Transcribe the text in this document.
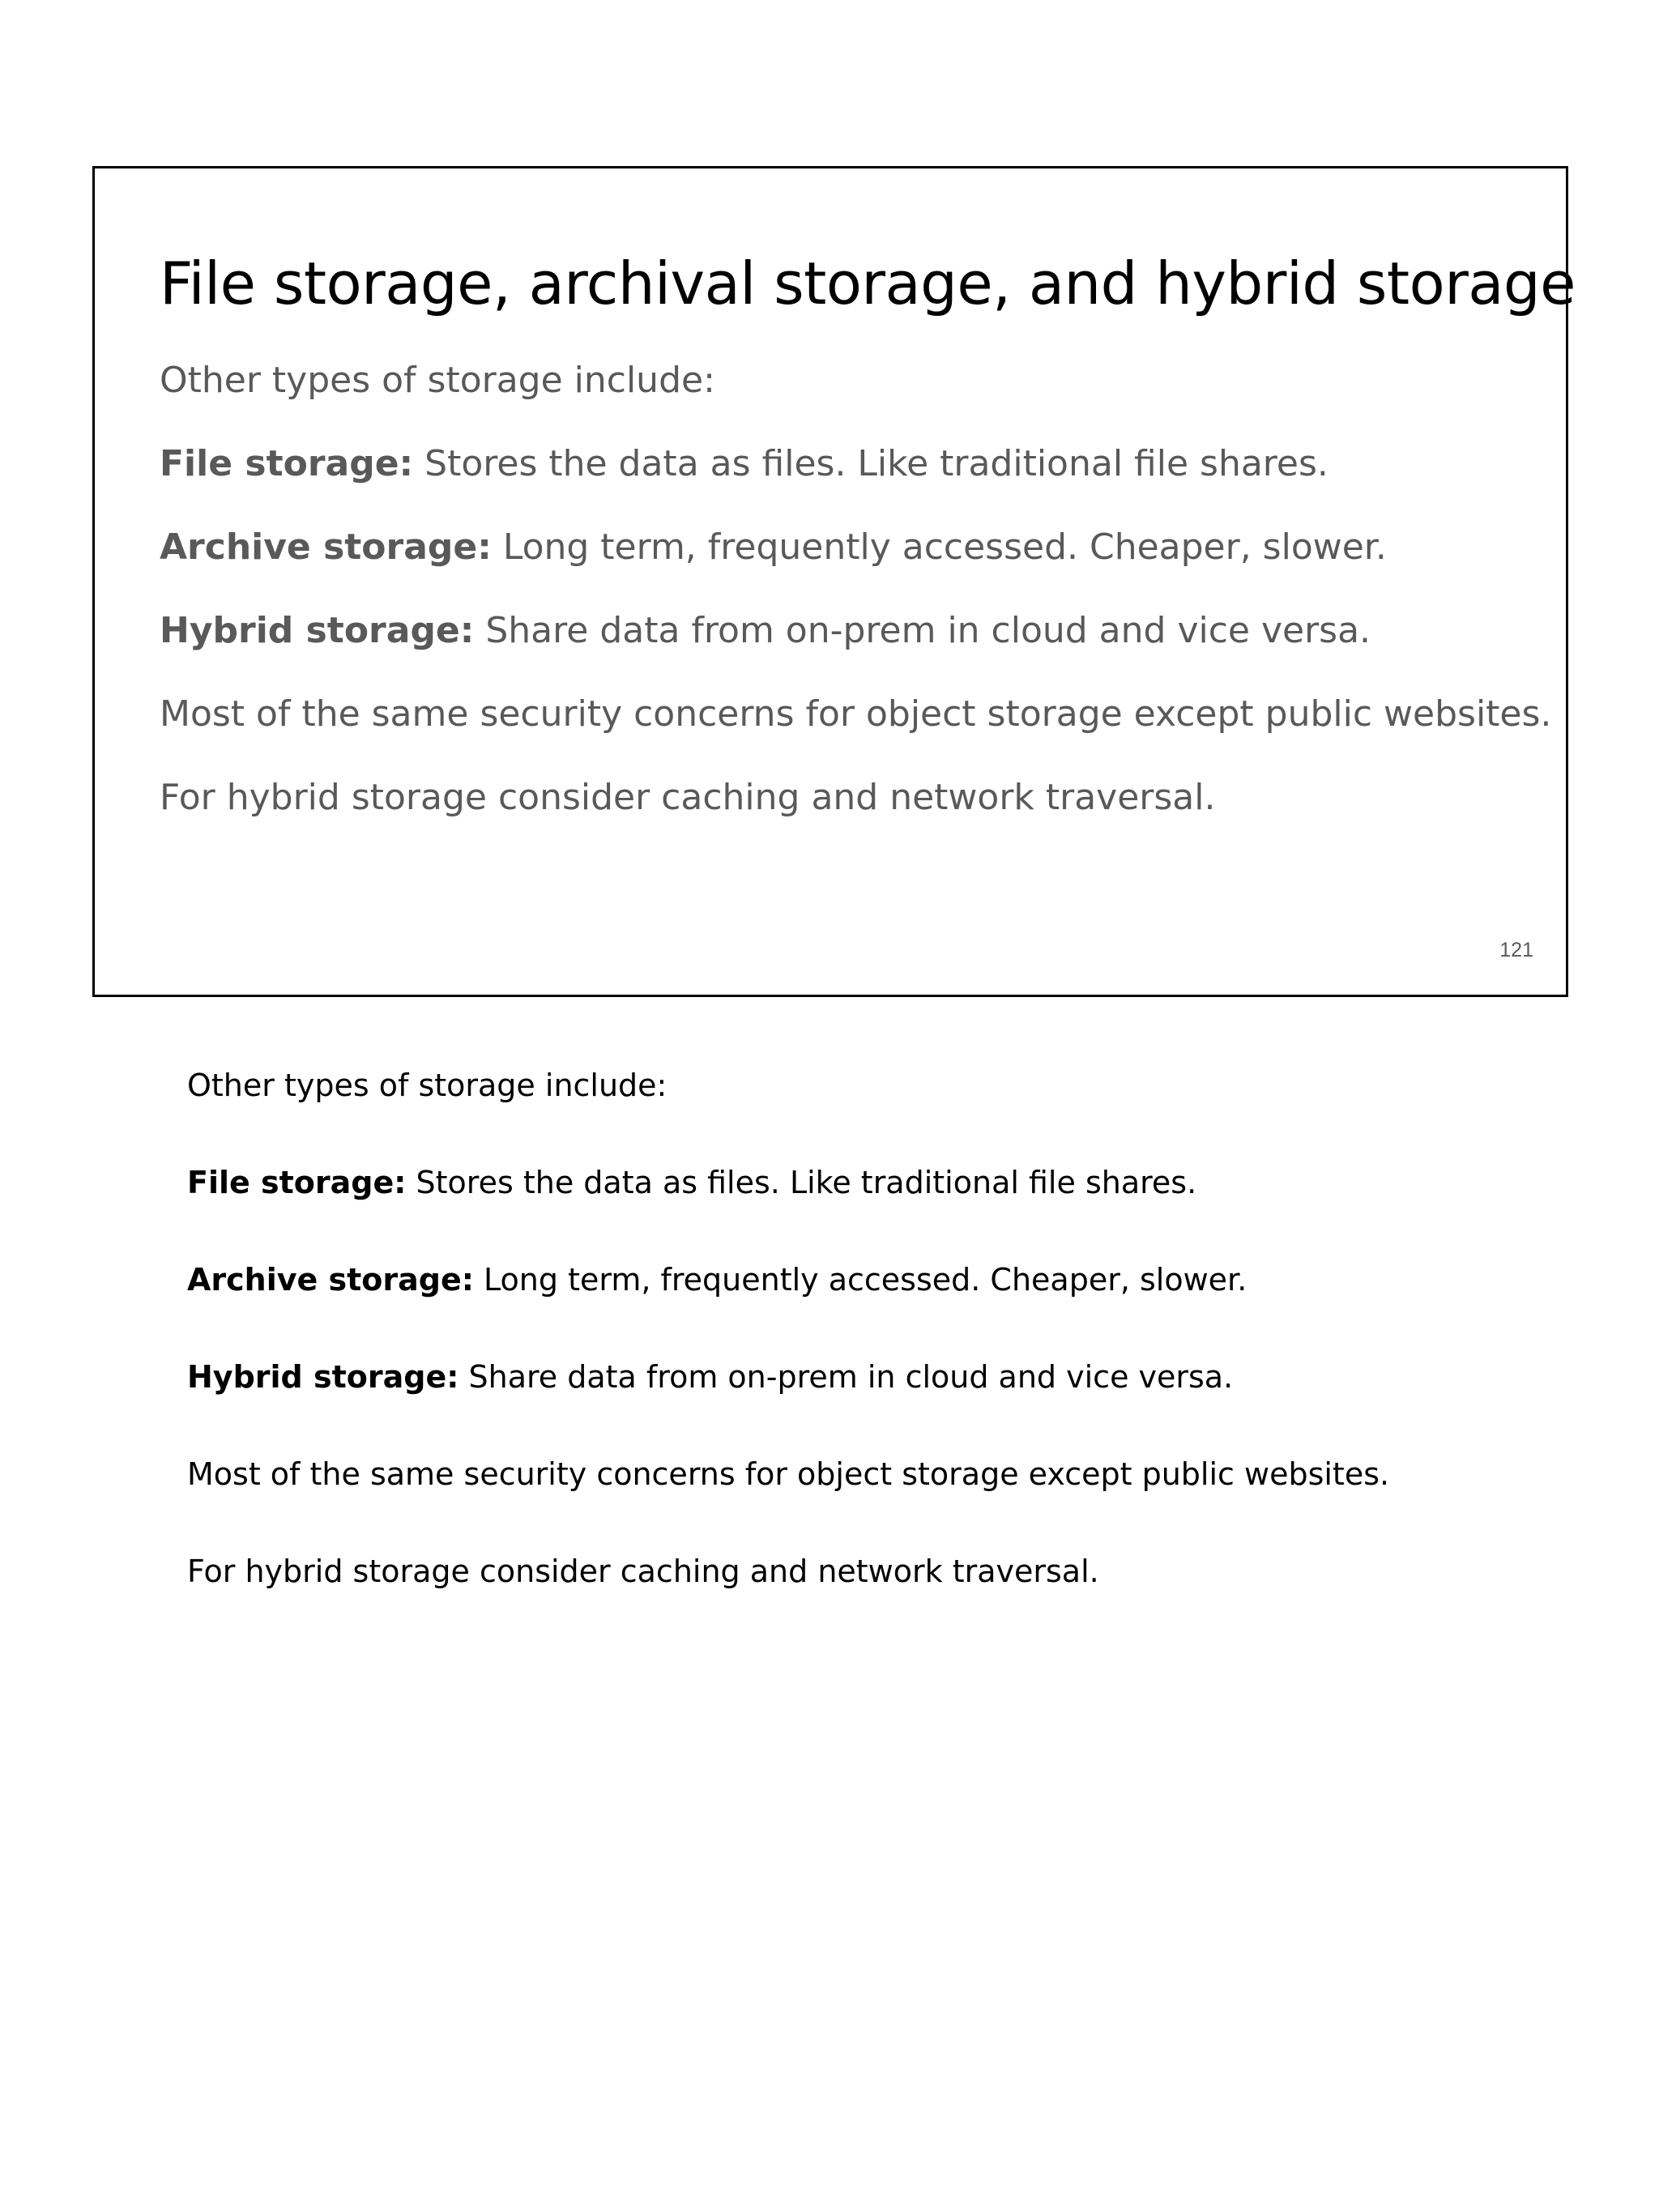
File storage, archival storage, and hybrid storage

Other types of storage include:

File storage: Stores the data as files. Like traditional file shares.

Archive storage: Long term, frequently accessed. Cheaper, slower.

Hybrid storage: Share data from on-prem in cloud and vice versa.

Most of the same security concerns for object storage except public websites.

For hybrid storage consider caching and network traversal.

121

Other types of storage include:

File storage: Stores the data as files. Like traditional file shares.

Archive storage: Long term, frequently accessed. Cheaper, slower.

Hybrid storage: Share data from on-prem in cloud and vice versa.

Most of the same security concerns for object storage except public websites.

For hybrid storage consider caching and network traversal.
